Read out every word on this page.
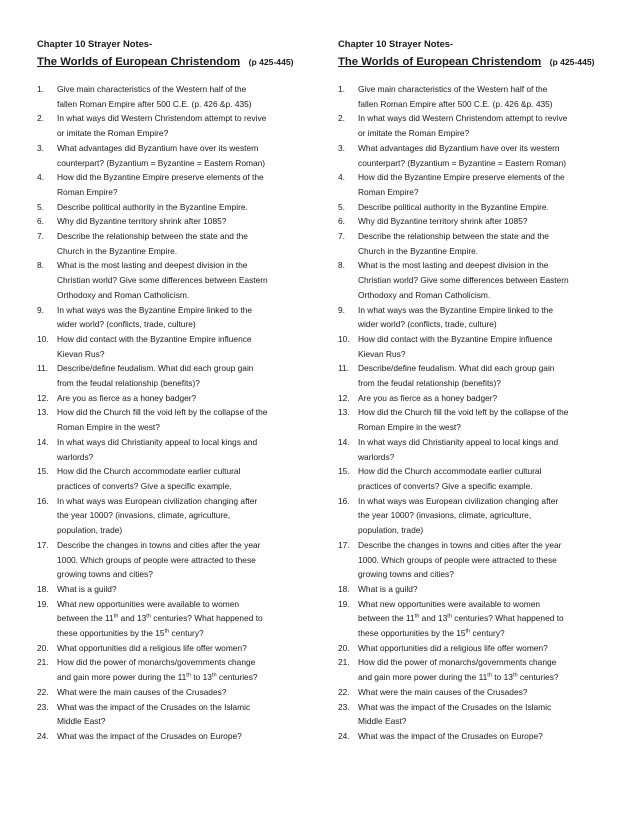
Chapter 10 Strayer Notes-

The Worlds of European Christendom (p 425-445)
1. Give main characteristics of the Western half of the
fallen Roman Empire after 500 C.E. (p. 426 &p. 435)
2. In what ways did Western Christendom attempt to revive
or imitate the Roman Empire?
3. What advantages did Byzantium have over its western
counterpart? (Byzantium = Byzantine = Eastern Roman)
4. How did the Byzantine Empire preserve elements of the
Roman Empire?
5. Describe political authority in the Byzantine Empire.
6. Why did Byzantine territory shrink after 1085?
7. Describe the relationship between the state and the
Church in the Byzantine Empire.
8. What is the most lasting and deepest division in the
Christian world? Give some differences between Eastern
Orthodoxy and Roman Catholicism.
9. In what ways was the Byzantine Empire linked to the
wider world? (conflicts, trade, culture)
10. How did contact with the Byzantine Empire influence
Kievan Rus?
11. Describe/define feudalism. What did each group gain
from the feudal relationship (benefits)?
12. Are you as fierce as a honey badger?
13. How did the Church fill the void left by the collapse of the
Roman Empire in the west?
14. In what ways did Christianity appeal to local kings and
warlords?
15. How did the Church accommodate earlier cultural
practices of converts? Give a specific example.
16. In what ways was European civilization changing after
the year 1000? (invasions, climate, agriculture,
population, trade)
17. Describe the changes in towns and cities after the year
1000. Which groups of people were attracted to these
growing towns and cities?
18. What is a guild?
19. What new opportunities were available to women
between the 11th and 13th centuries? What happened to
these opportunities by the 15th century?
20. What opportunities did a religious life offer women?
21. How did the power of monarchs/governments change
and gain more power during the 11th to 13th centuries?
22. What were the main causes of the Crusades?
23. What was the impact of the Crusades on the Islamic
Middle East?
24. What was the impact of the Crusades on Europe?

Chapter 10 Strayer Notes-

The Worlds of European Christendom (p 425-445)
1. Give main characteristics of the Western half of the
fallen Roman Empire after 500 C.E. (p. 426 &p. 435)
2. In what ways did Western Christendom attempt to revive
or imitate the Roman Empire?
3. What advantages did Byzantium have over its western
counterpart? (Byzantium = Byzantine = Eastern Roman)
4. How did the Byzantine Empire preserve elements of the
Roman Empire?
5. Describe political authority in the Byzantine Empire.
6. Why did Byzantine territory shrink after 1085?
7. Describe the relationship between the state and the
Church in the Byzantine Empire.
8. What is the most lasting and deepest division in the
Christian world? Give some differences between Eastern
Orthodoxy and Roman Catholicism.
9. In what ways was the Byzantine Empire linked to the
wider world? (conflicts, trade, culture)
10. How did contact with the Byzantine Empire influence
Kievan Rus?
11. Describe/define feudalism. What did each group gain
from the feudal relationship (benefits)?
12. Are you as fierce as a honey badger?
13. How did the Church fill the void left by the collapse of the
Roman Empire in the west?
14. In what ways did Christianity appeal to local kings and
warlords?
15. How did the Church accommodate earlier cultural
practices of converts? Give a specific example.
16. In what ways was European civilization changing after
the year 1000? (invasions, climate, agriculture,
population, trade)
17. Describe the changes in towns and cities after the year
1000. Which groups of people were attracted to these
growing towns and cities?
18. What is a guild?
19. What new opportunities were available to women
between the 11th and 13th centuries? What happened to
these opportunities by the 15th century?
20. What opportunities did a religious life offer women?
21. How did the power of monarchs/governments change
and gain more power during the 11th to 13th centuries?
22. What were the main causes of the Crusades?
23. What was the impact of the Crusades on the Islamic
Middle East?
24. What was the impact of the Crusades on Europe?
